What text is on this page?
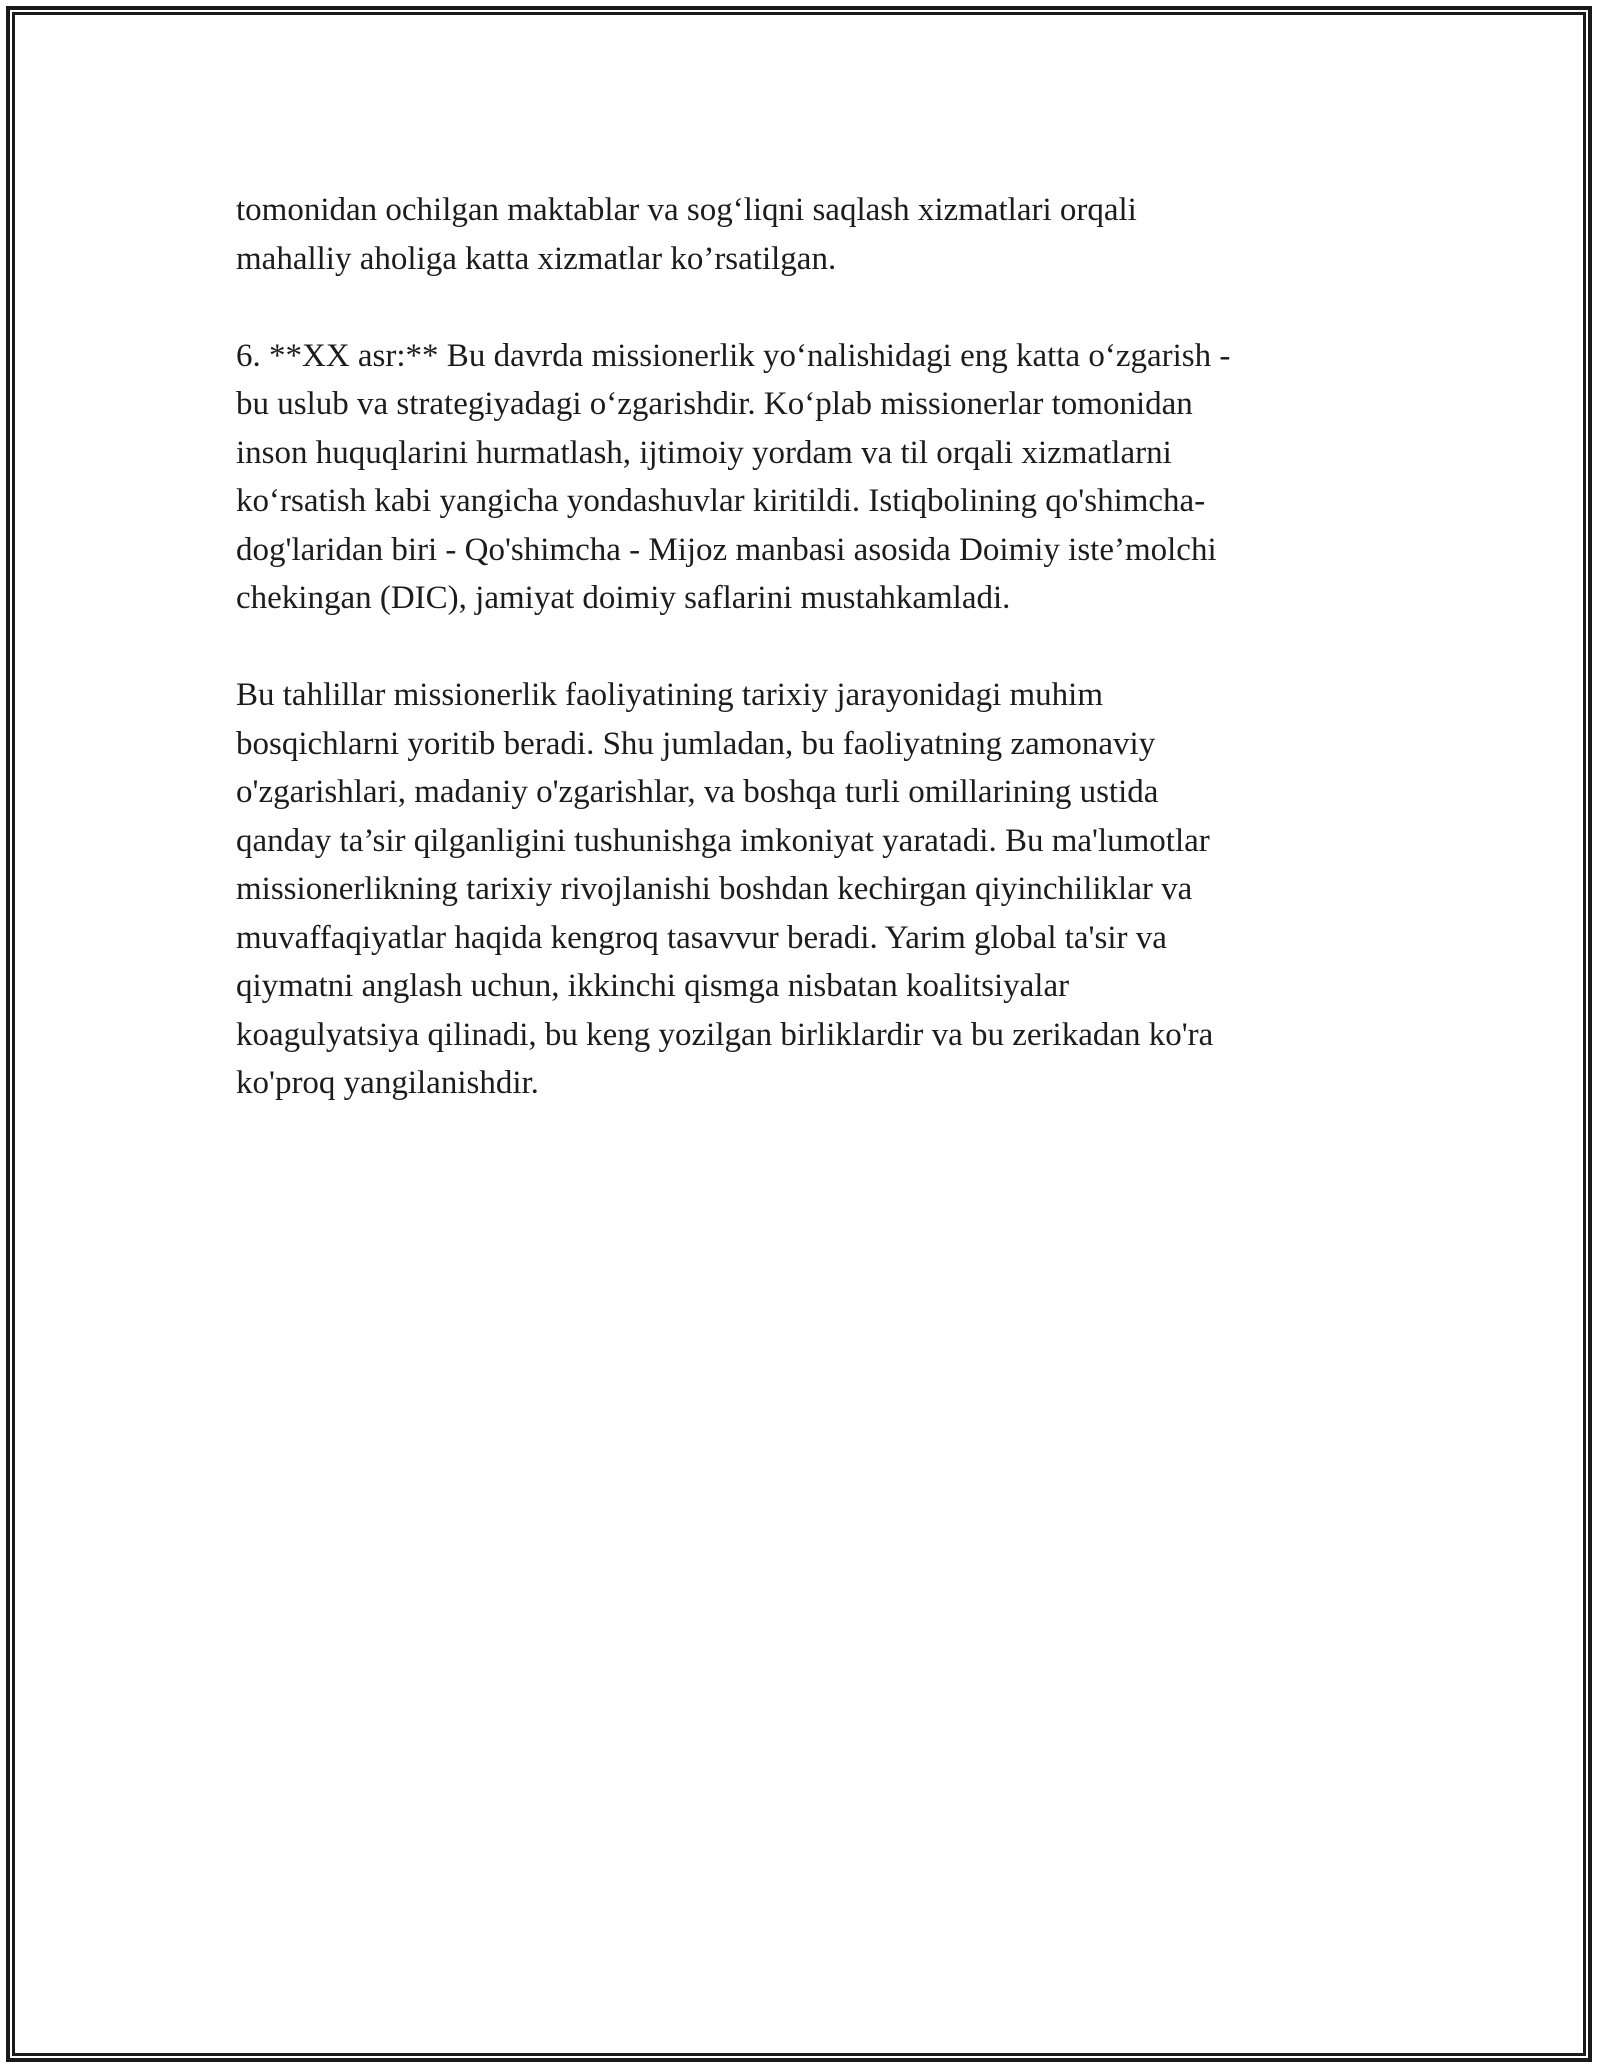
tomonidan ochilgan maktablar va sog‘liqni saqlash xizmatlari orqali
mahalliy aholiga katta xizmatlar ko’rsatilgan.

6. **XX asr:** Bu davrda missionerlik yo‘nalishidagi eng katta o‘zgarish -
bu uslub va strategiyadagi o‘zgarishdir. Ko‘plab missionerlar tomonidan
inson huquqlarini hurmatlash, ijtimoiy yordam va til orqali xizmatlarni
ko‘rsatish kabi yangicha yondashuvlar kiritildi. Istiqbolining qo'shimcha-
dog'laridan biri - Qo'shimcha - Mijoz manbasi asosida Doimiy iste’molchi
chekingan (DIC), jamiyat doimiy saflarini mustahkamladi.

Bu tahlillar missionerlik faoliyatining tarixiy jarayonidagi muhim
bosqichlarni yoritib beradi. Shu jumladan, bu faoliyatning zamonaviy
o'zgarishlari, madaniy o'zgarishlar, va boshqa turli omillarining ustida
qanday ta’sir qilganligini tushunishga imkoniyat yaratadi. Bu ma'lumotlar
missionerlikning tarixiy rivojlanishi boshdan kechirgan qiyinchiliklar va
muvaffaqiyatlar haqida kengroq tasavvur beradi. Yarim global ta'sir va
qiymatni anglash uchun, ikkinchi qismga nisbatan koalitsiyalar
koagulyatsiya qilinadi, bu keng yozilgan birliklardir va bu zerikadan ko'ra
ko'proq yangilanishdir.
